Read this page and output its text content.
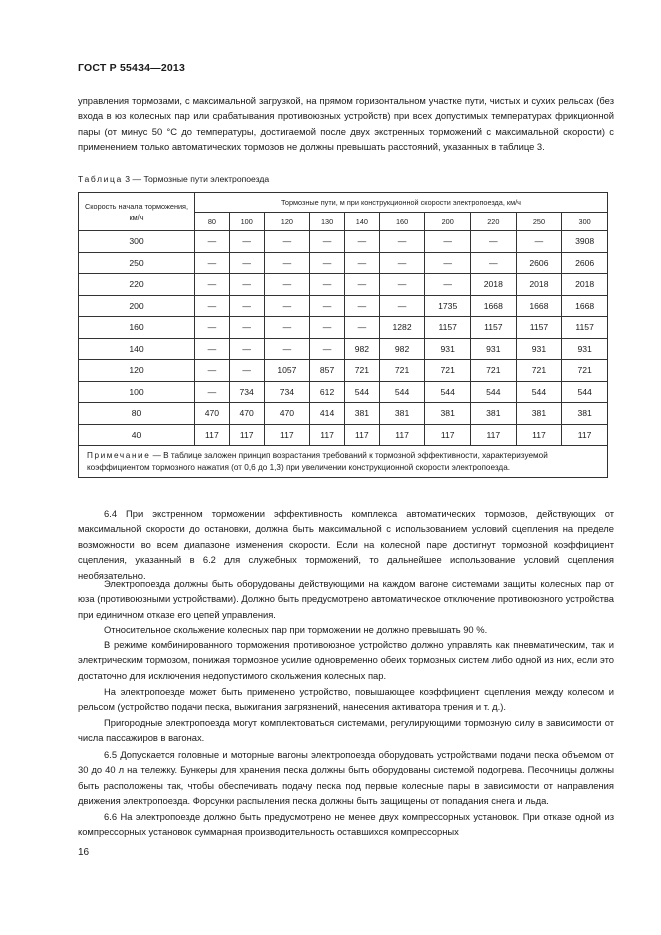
ГОСТ Р 55434—2013
управления тормозами, с максимальной загрузкой, на прямом горизонтальном участке пути, чистых и сухих рельсах (без входа в юз колесных пар или срабатывания противоюзных устройств) при всех допустимых температурах фрикционной пары (от минус 50 °С до температуры, достигаемой после двух экстренных торможений с максимальной скорости) с применением только автоматических тормозов не должны превышать расстояний, указанных в таблице 3.
Таблица 3 — Тормозные пути электропоезда
Скорость начала торможения, км/ч	Тормозные пути, м при конструкционной скорости электропоезда, км/ч									
	80	100	120	130	140	160	200	220	250	300
300	—	—	—	—	—	—	—	—	—	3908
250	—	—	—	—	—	—	—	—	2606	2606
220	—	—	—	—	—	—	—	2018	2018	2018
200	—	—	—	—	—	—	1735	1668	1668	1668
160	—	—	—	—	—	1282	1157	1157	1157	1157
140	—	—	—	—	982	982	931	931	931	931
120	—	—	1057	857	721	721	721	721	721	721
100	—	734	734	612	544	544	544	544	544	544
80	470	470	470	414	381	381	381	381	381	381
40	117	117	117	117	117	117	117	117	117	117
Примечание — В таблице заложен принцип возрастания требований к тормозной эффективности, характеризуемой коэффициентом тормозного нажатия (от 0,6 до 1,3) при увеличении конструкционной скорости электропоезда.										
6.4 При экстренном торможении эффективность комплекса автоматических тормозов, действующих от максимальной скорости до остановки, должна быть максимальной с использованием условий сцепления на пределе возможности во всем диапазоне изменения скорости. Если на колесной паре достигнут тормозной коэффициент сцепления, указанный в 6.2 для служебных торможений, то дальнейшее использование условий сцепления необязательно.
Электропоезда должны быть оборудованы действующими на каждом вагоне системами защиты колесных пар от юза (противоюзными устройствами). Должно быть предусмотрено автоматическое отключение противоюзного устройства при единичном отказе его цепей управления.
Относительное скольжение колесных пар при торможении не должно превышать 90 %.
В режиме комбинированного торможения противоюзное устройство должно управлять как пневматическим, так и электрическим тормозом, понижая тормозное усилие одновременно обеих тормозных систем либо одной из них, если это достаточно для исключения недопустимого скольжения колесных пар.
На электропоезде может быть применено устройство, повышающее коэффициент сцепления между колесом и рельсом (устройство подачи песка, выжигания загрязнений, нанесения активатора трения и т. д.).
Пригородные электропоезда могут комплектоваться системами, регулирующими тормозную силу в зависимости от числа пассажиров в вагонах.
6.5 Допускается головные и моторные вагоны электропоезда оборудовать устройствами подачи песка объемом от 30 до 40 л на тележку. Бункеры для хранения песка должны быть оборудованы системой подогрева. Песочницы должны быть расположены так, чтобы обеспечивать подачу песка под первые колесные пары в зависимости от направления движения электропоезда. Форсунки распыления песка должны быть защищены от попадания снега и льда.
6.6 На электропоезде должно быть предусмотрено не менее двух компрессорных установок. При отказе одной из компрессорных установок суммарная производительность оставшихся компрессорных
16
